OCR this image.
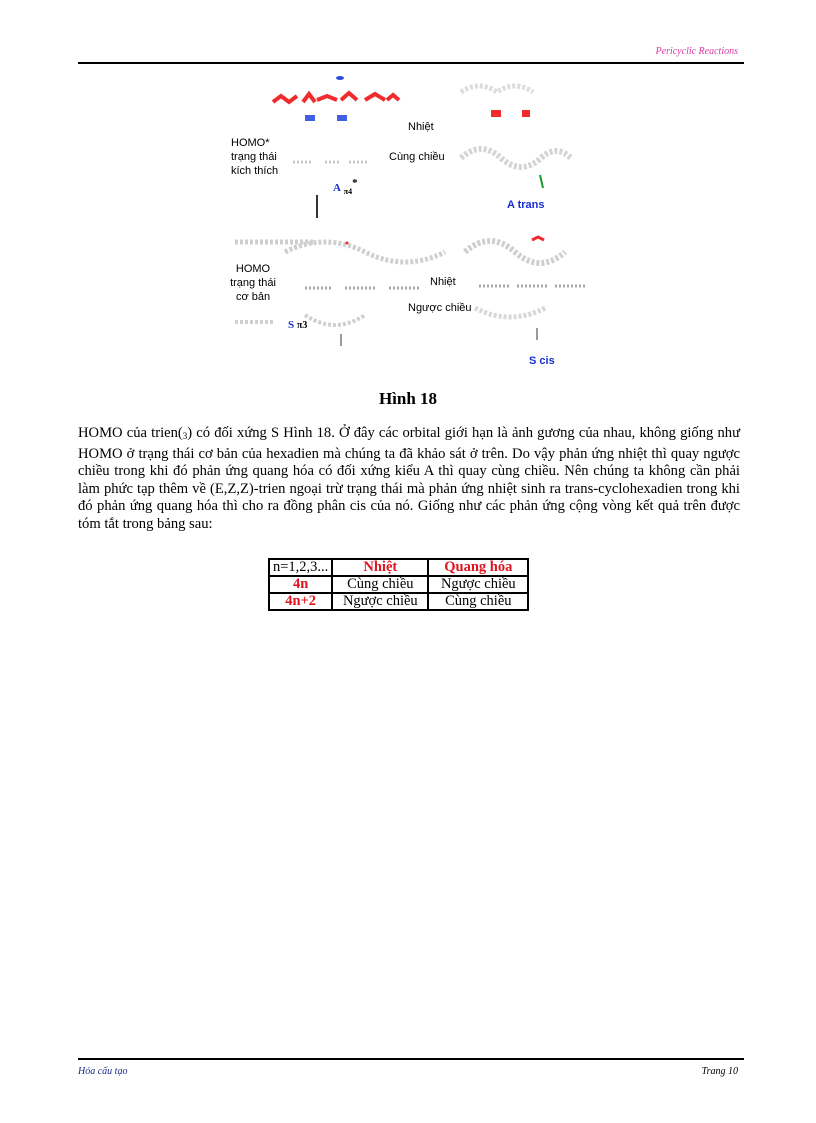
Pericyclic Reactions
HOMO*
trạng thái
kích thích
Nhiệt
Cùng chiều
A $_{\pi 4}$*
A trans
HOMO
trạng thái
cơ bản
Nhiệt
Ngược chiều
S π3
S cis
Hình 18
HOMO của $trien(_3)$ có đối xứng S Hình 18. Ở đây các orbital giới hạn là ảnh gương của nhau, không giống như HOMO ở trạng thái cơ bản của hexadien mà chúng ta đã khảo sát ở trên. Do vậy phản ứng nhiệt thì quay ngược chiều trong khi đó phản ứng quang hóa có đối xứng kiểu A thì quay cùng chiều. Nên chúng ta không cần phải làm phức tạp thêm về (E,Z,Z)-trien ngoại trừ trạng thái mà phản ứng nhiệt sinh ra trans-cyclohexadien trong khi đó phản ứng quang hóa thì cho ra đồng phân cis của nó. Giống như các phản ứng cộng vòng kết quả trên được tóm tắt trong bảng sau:
n=1,2,3...	Nhiệt	Quang hóa
4n	Cùng chiều	Ngược chiều
4n+2	Ngược chiều	Cùng chiều
Hóa cấu tạo	Trang 10
